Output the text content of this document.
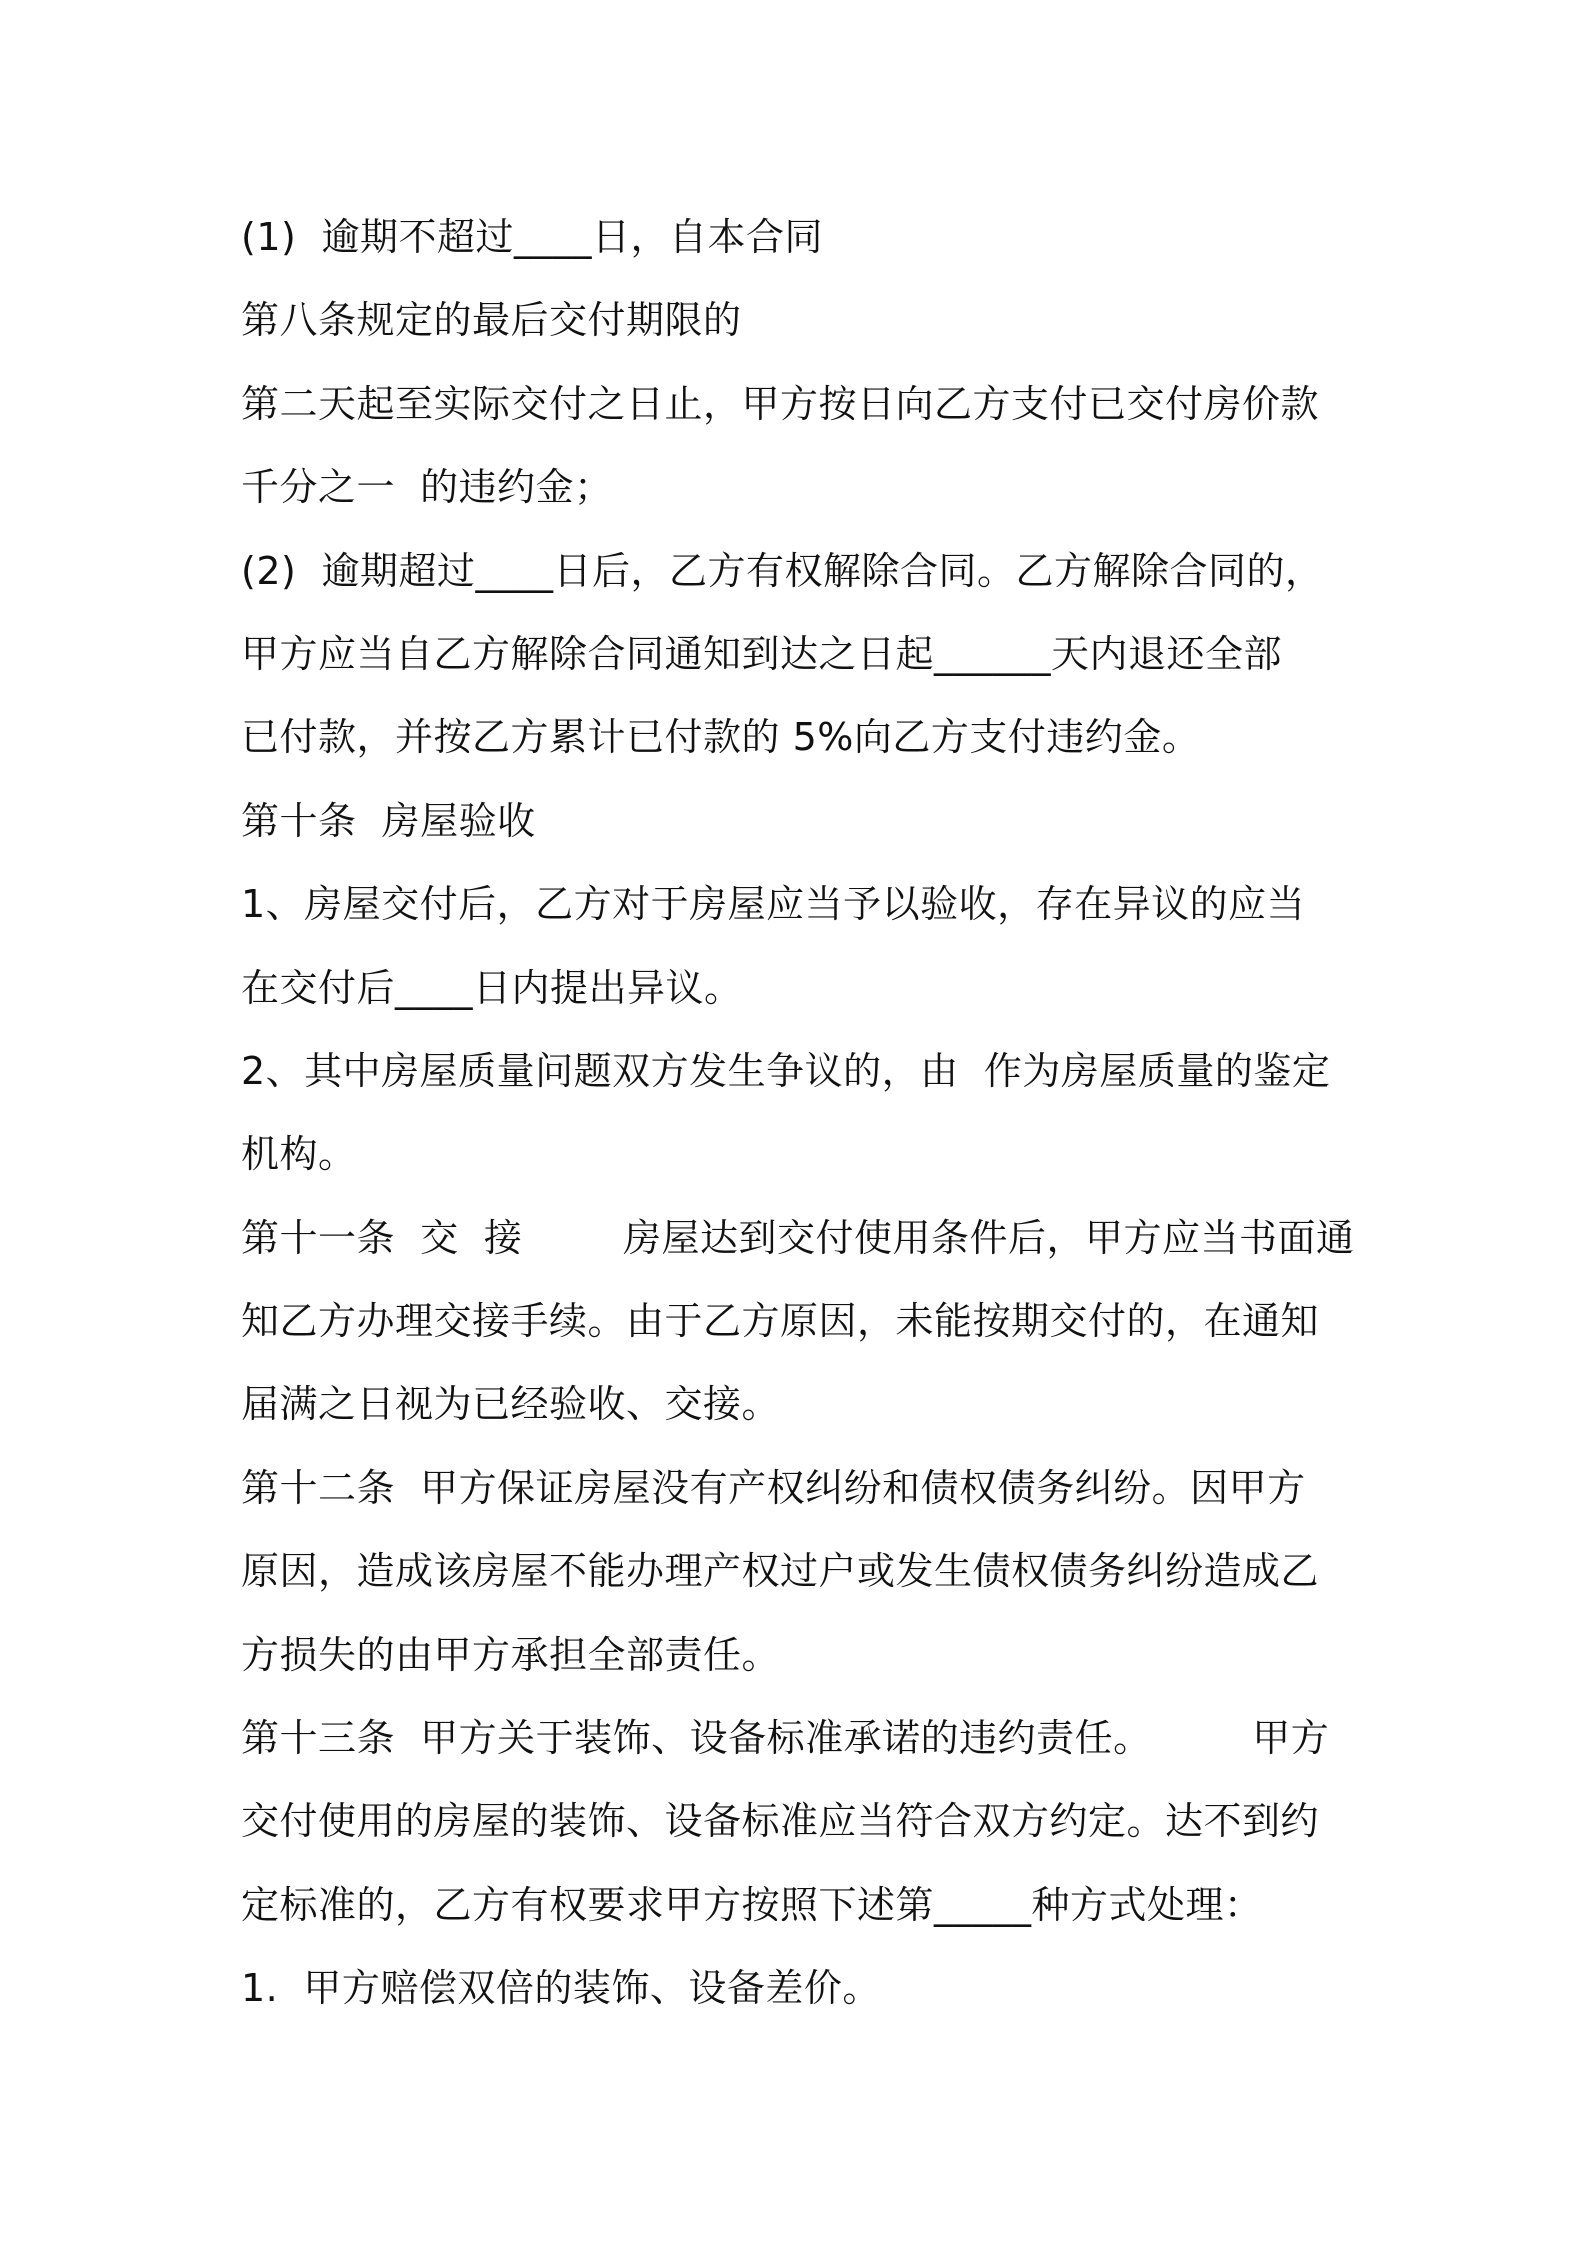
(1)  逾期不超过____日，自本合同
第八条规定的最后交付期限的
第二天起至实际交付之日止，甲方按日向乙方支付已交付房价款
千分之一  的违约金；
(2)  逾期超过____日后，乙方有权解除合同。乙方解除合同的，
甲方应当自乙方解除合同通知到达之日起______天内退还全部
已付款，并按乙方累计已付款的 5%向乙方支付违约金。
第十条  房屋验收
1、房屋交付后，乙方对于房屋应当予以验收，存在异议的应当
在交付后____日内提出异议。
2、其中房屋质量问题双方发生争议的，由  作为房屋质量的鉴定
机构。
第十一条  交  接        房屋达到交付使用条件后，甲方应当书面通
知乙方办理交接手续。由于乙方原因，未能按期交付的，在通知
届满之日视为已经验收、交接。
第十二条  甲方保证房屋没有产权纠纷和债权债务纠纷。因甲方
原因，造成该房屋不能办理产权过户或发生债权债务纠纷造成乙
方损失的由甲方承担全部责任。
第十三条  甲方关于装饰、设备标准承诺的违约责任。        甲方
交付使用的房屋的装饰、设备标准应当符合双方约定。达不到约
定标准的，乙方有权要求甲方按照下述第_____种方式处理：
1.  甲方赔偿双倍的装饰、设备差价。
